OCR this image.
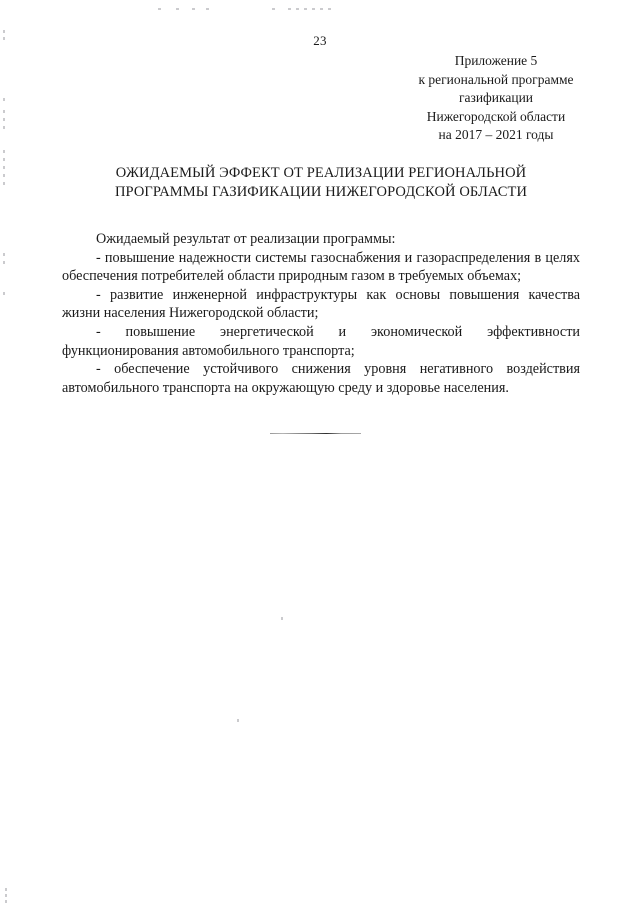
23
Приложение 5
к региональной программе
газификации
Нижегородской области
на 2017 – 2021 годы
ОЖИДАЕМЫЙ ЭФФЕКТ ОТ РЕАЛИЗАЦИИ РЕГИОНАЛЬНОЙ
ПРОГРАММЫ ГАЗИФИКАЦИИ НИЖЕГОРОДСКОЙ ОБЛАСТИ

Ожидаемый результат от реализации программы:

- повышение надежности системы газоснабжения и газораспределения в целях обеспечения потребителей области природным газом в требуемых объемах;

- развитие инженерной инфраструктуры как основы повышения качества жизни населения Нижегородской области;

- повышение энергетической и экономической эффективности функционирования автомобильного транспорта;

- обеспечение устойчивого снижения уровня негативного воздействия автомобильного транспорта на окружающую среду и здоровье населения.
